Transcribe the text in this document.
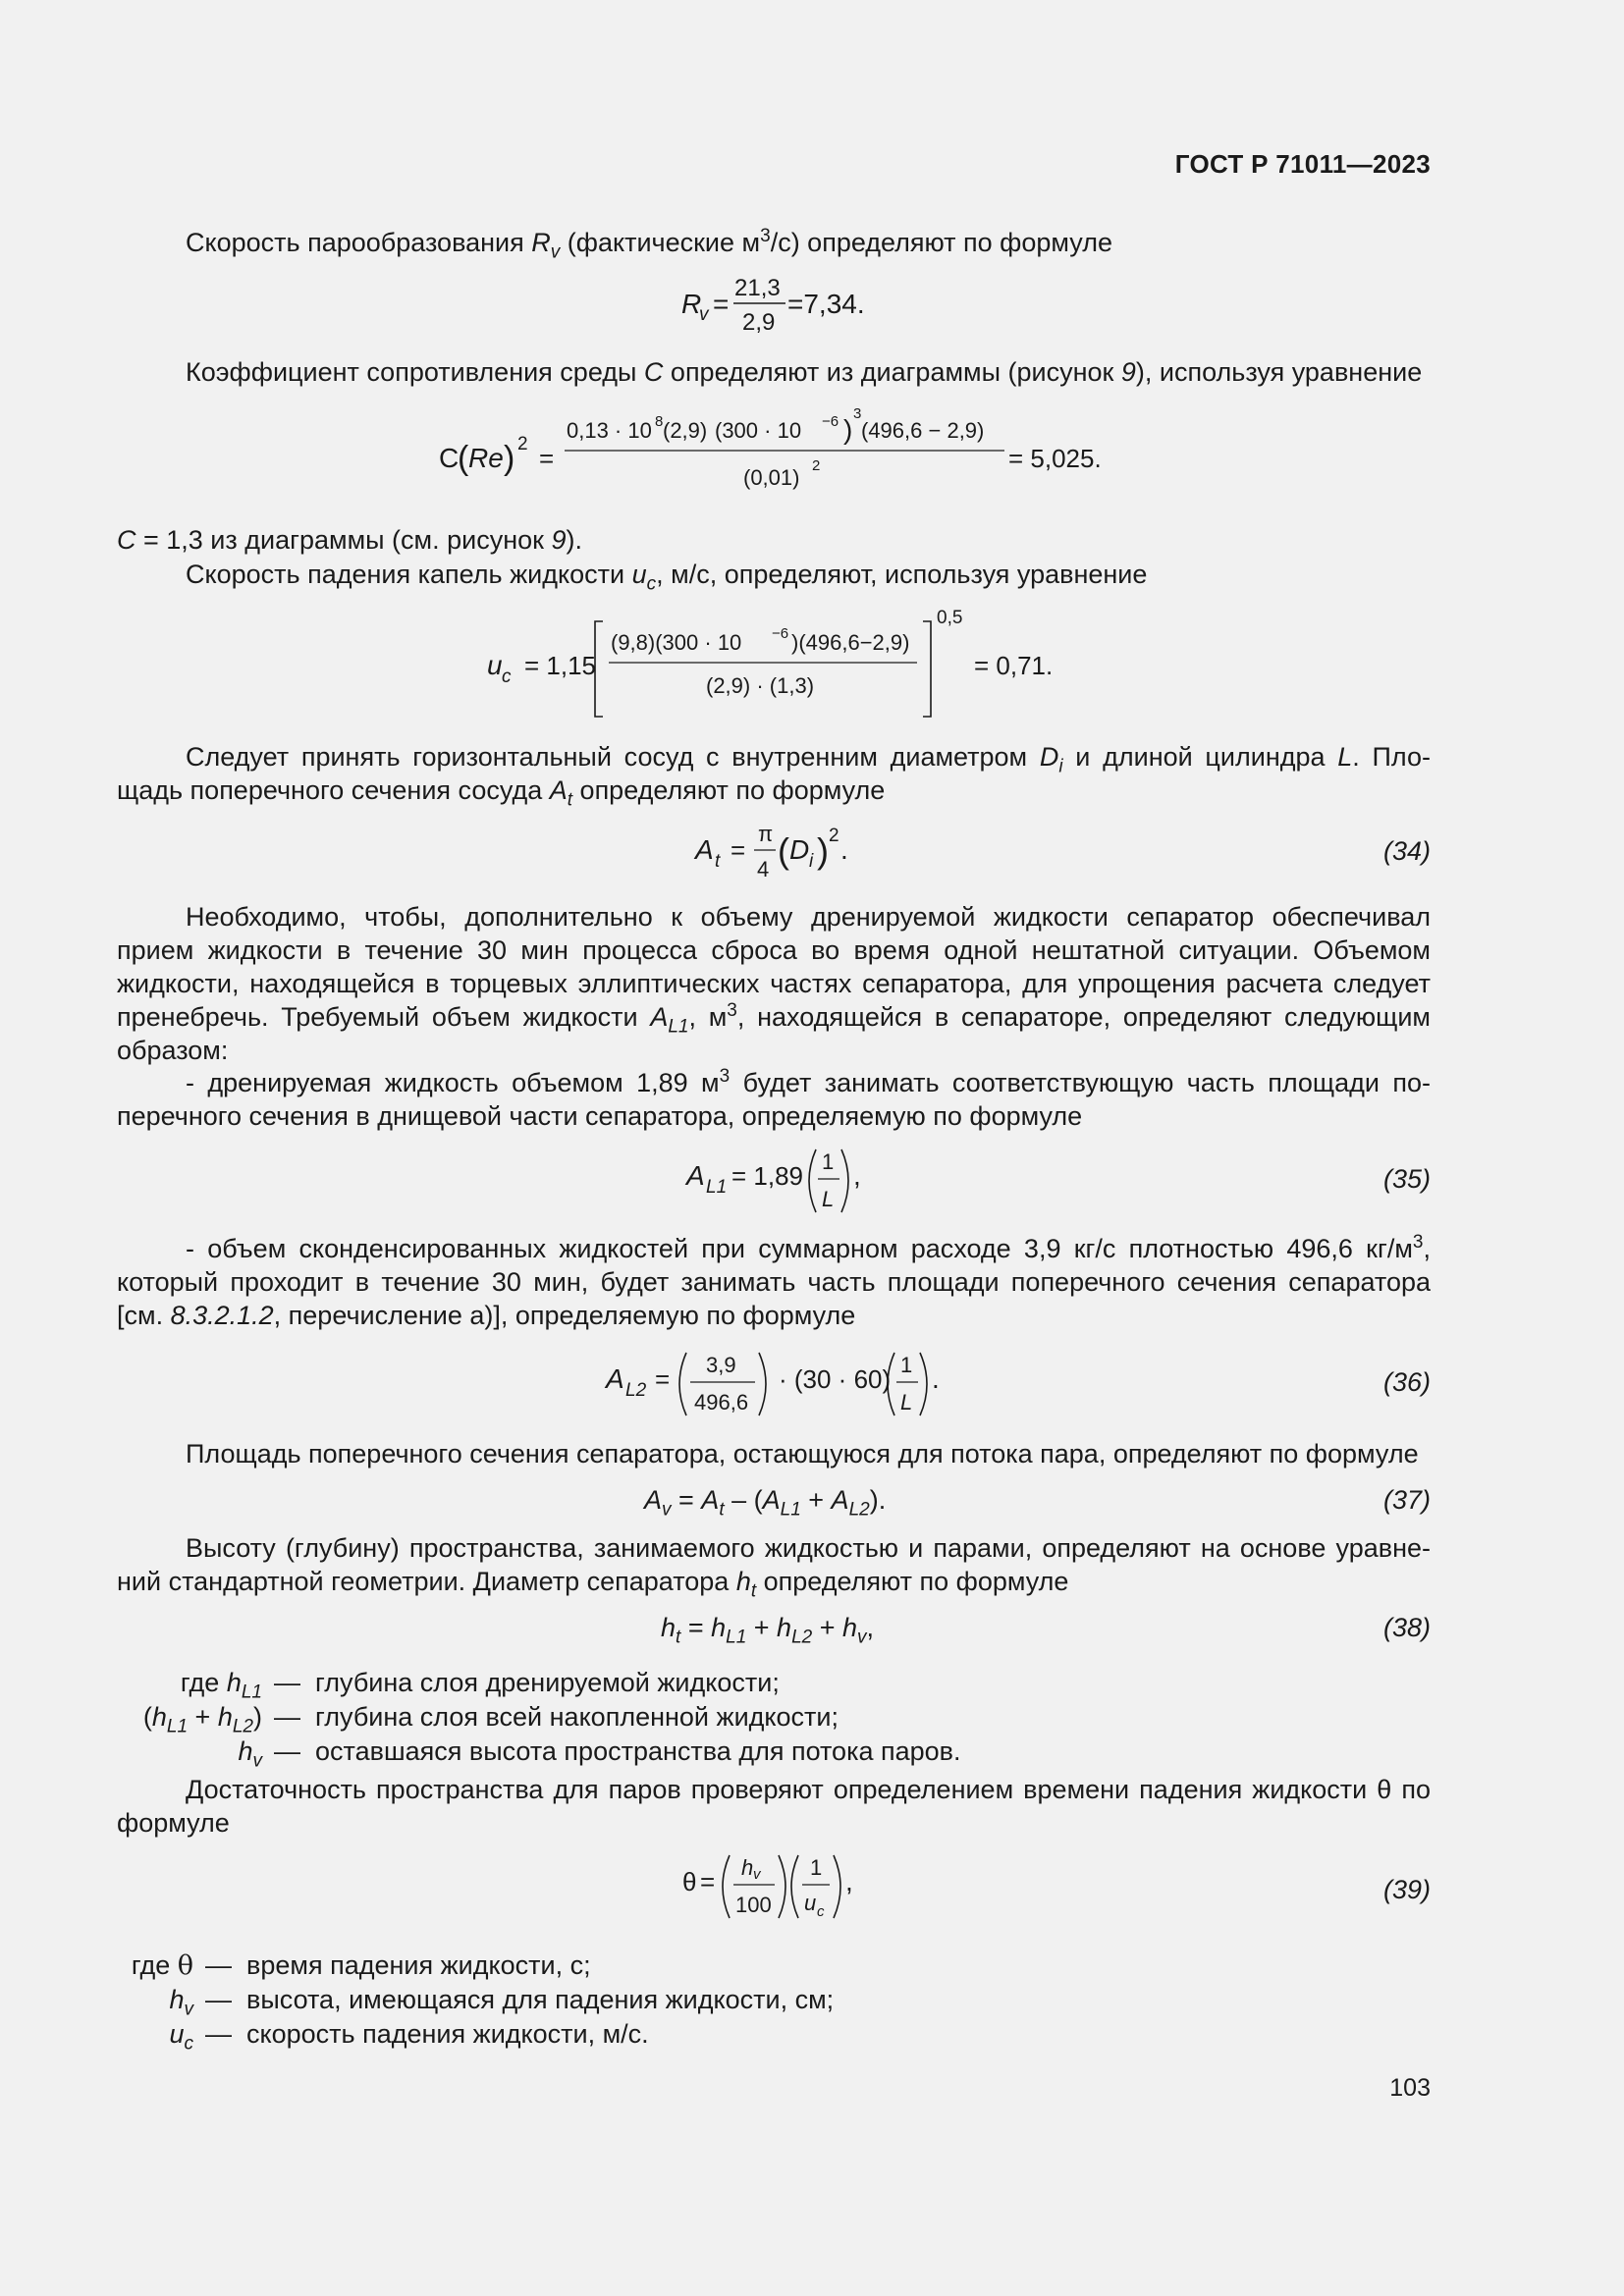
ГОСТ Р 71011—2023
Скорость парообразования $R_v$ (фактические $м^3/с$) определяют по формуле
R
v =
21,3
2,9
=7,34.
Коэффициент сопротивления среды C определяют из диаграммы (рисунок 9), используя уравнение
C
( Re ) 2 =
0,13 · 10 8 (2,9) (300 · 10 −6 )
3
(496,6 − 2,9)
(0,01) 2	= 5,025.
C = 1,3 из диаграммы (см. рисунок 9).
Скорость падения капель жидкости $u_c$, м/с, определяют, используя уравнение
u c = 1,15
(9,8)(300 · 10 −6 )(496,6−2,9)
(2,9) · (1,3)
0,5
= 0,71.
Следует принять горизонтальный сосуд с внутренним диаметром $D_i$ и длиной цилиндра L. Пло-
щадь поперечного сечения сосуда $A_t$ определяют по формуле
A t =
π
4 ( D i ) 2 .	(34)
Необходимо, чтобы, дополнительно к объему дренируемой жидкости сепаратор обеспечивал
прием жидкости в течение 30 мин процесса сброса во время одной нештатной ситуации. Объемом
жидкости, находящейся в торцевых эллиптических частях сепаратора, для упрощения расчета следует
пренебречь. Требуемый объем жидкости $A_{L1}$, $м^3$, находящейся в сепараторе, определяют следующим
образом:
- дренируемая жидкость объемом 1,89 $м^3$ будет занимать соответствующую часть площади по-
перечного сечения в днищевой части сепаратора, определяемую по формуле
A L1 = 1,89 1
L
,	(35)
- объем сконденсированных жидкостей при суммарном расходе 3,9 кг/с плотностью 496,6 $кг/м^3$,
который проходит в течение 30 мин, будет занимать часть площади поперечного сечения сепаратора
[см. 8.3.2.1.2, перечисление а)], определяемую по формуле
A L2 = 3,9
496,6
· (30 · 60) 1
L
.	(36)
Площадь поперечного сечения сепаратора, остающуюся для потока пара, определяют по формуле
$A_v = A_t - (A_{L1} + A_{L2})$.	(37)
Высоту (глубину) пространства, занимаемого жидкостью и парами, определяют на основе уравне-
ний стандартной геометрии. Диаметр сепаратора $h_t$ определяют по формуле
$h_t = h_{L1} + h_{L2} + h_v$,	(38)
где $h_{L1}$ —  глубина слоя дренируемой жидкости;
$(h_{L1} + h_{L2})$ —  глубина слоя всей накопленной жидкости;
$h_v$ —  оставшаяся высота пространства для потока паров.
Достаточность пространства для паров проверяют определением времени падения жидкости θ по
формуле
θ = h v
100
1
u c
,	(39)
где θ —  время падения жидкости, с;
$h_v$ —  высота, имеющаяся для падения жидкости, см;
$u_c$ —  скорость падения жидкости, м/с.
103
